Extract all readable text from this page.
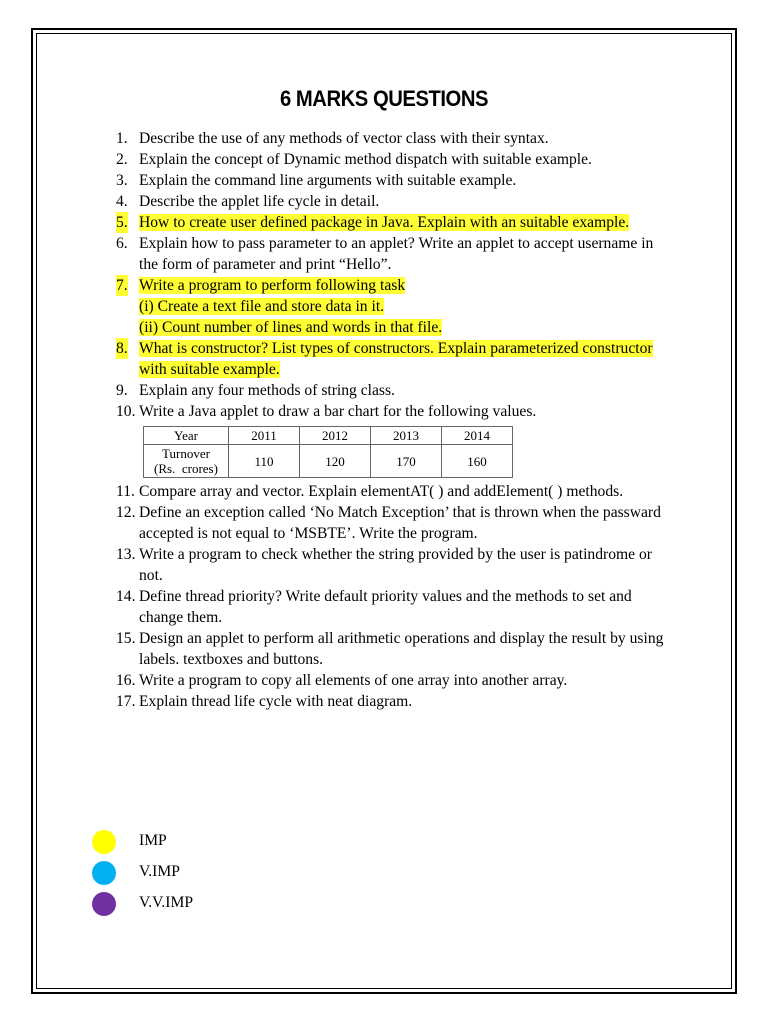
6 MARKS QUESTIONS
1. Describe the use of any methods of vector class with their syntax.
2. Explain the concept of Dynamic method dispatch with suitable example.
3. Explain the command line arguments with suitable example.
4. Describe the applet life cycle in detail.
5. How to create user defined package in Java. Explain with an suitable example.
6. Explain how to pass parameter to an applet? Write an applet to accept username in the form of parameter and print “Hello”.
7. Write a program to perform following task
(i) Create a text file and store data in it.
(ii) Count number of lines and words in that file.
8. What is constructor? List types of constructors. Explain parameterized constructor with suitable example.
9. Explain any four methods of string class.
10. Write a Java applet to draw a bar chart for the following values.
Year	2011	2012	2013	2014

Turnover
(Rs.  crores)	110	120	170	160
11. Compare array and vector. Explain elementAT( ) and addElement( ) methods.
12. Define an exception called ‘No Match Exception’ that is thrown when the passward accepted is not equal to ‘MSBTE’. Write the program.
13. Write a program to check whether the string provided by the user is patindrome or not.
14. Define thread priority? Write default priority values and the methods to set and change them.
15. Design an applet to perform all arithmetic operations and display the result by using labels. textboxes and buttons.
16. Write a program to copy all elements of one array into another array.
17. Explain thread life cycle with neat diagram.
IMP
V.IMP
V.V.IMP
